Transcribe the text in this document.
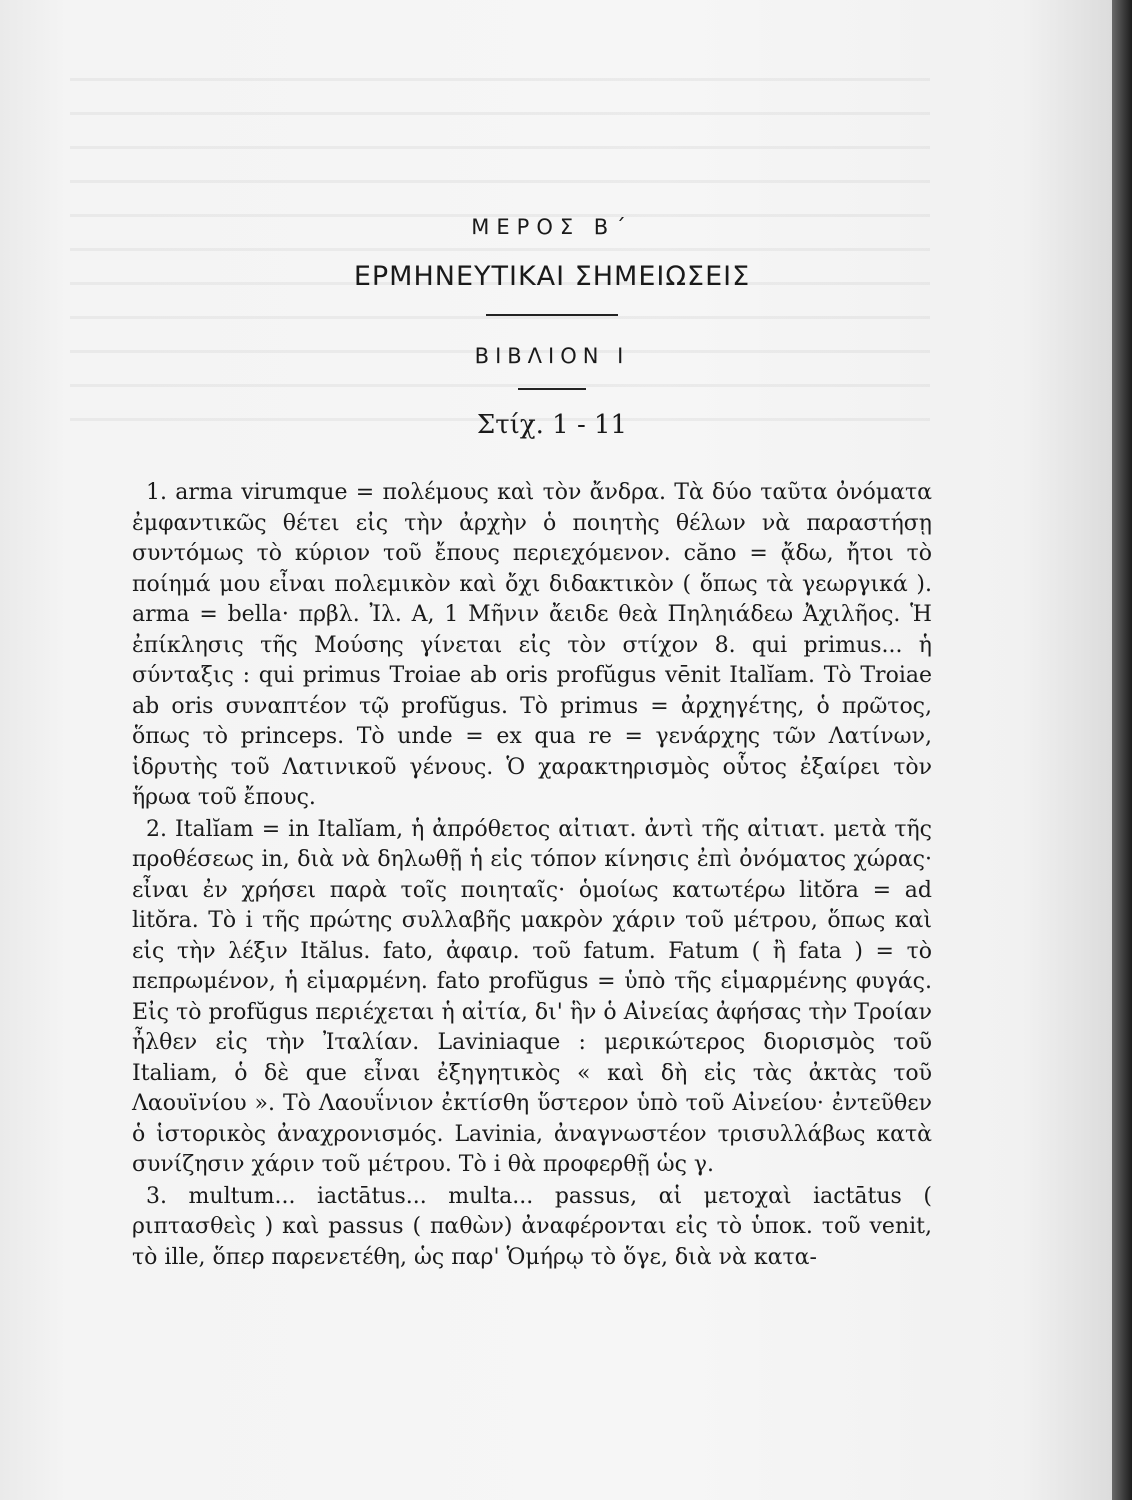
ΜΕΡΟΣ Β΄

ΕΡΜΗΝΕΥΤΙΚΑΙ ΣΗΜΕΙΩΣΕΙΣ

ΒΙΒΛΙΟΝ Ι

Στίχ. 1 - 11

1. arma virumque = πολέμους καὶ τὸν ἄνδρα. Τὰ δύο ταῦτα ὀνόματα ἐμφαντικῶς θέτει εἰς τὴν ἀρχὴν ὁ ποιητὴς θέλων νὰ παραστήσῃ συντόμως τὸ κύριον τοῦ ἔπους περιεχόμενον. căno = ᾄδω, ἤτοι τὸ ποίημά μου εἶναι πολεμικὸν καὶ ὄχι διδακτικὸν ( ὅπως τὰ γεωργικά ). arma = bella· πρβλ. Ἰλ. Α, 1 Μῆνιν ἄειδε θεὰ Πηληιάδεω Ἀχιλῆος. Ἡ ἐπίκλησις τῆς Μούσης γίνεται εἰς τὸν στίχον 8. qui primus... ἡ σύνταξις : qui primus Troiae ab oris profŭgus vēnit Italĭam. Τὸ Troiae ab oris συναπτέον τῷ profŭgus. Τὸ primus = ἀρχηγέτης, ὁ πρῶτος, ὅπως τὸ princeps. Τὸ unde = ex qua re = γενάρχης τῶν Λατίνων, ἱδρυτὴς τοῦ Λατινικοῦ γένους. Ὁ χαρακτηρισμὸς οὗτος ἐξαίρει τὸν ἥρωα τοῦ ἔπους.

2. Italĭam = in Italĭam, ἡ ἀπρόθετος αἰτιατ. ἀντὶ τῆς αἰτιατ. μετὰ τῆς προθέσεως in, διὰ νὰ δηλωθῇ ἡ εἰς τόπον κίνησις ἐπὶ ὀνόματος χώρας· εἶναι ἐν χρήσει παρὰ τοῖς ποιηταῖς· ὁμοίως κατωτέρω litŏra = ad litŏra. Τὸ i τῆς πρώτης συλλαβῆς μακρὸν χάριν τοῦ μέτρου, ὅπως καὶ εἰς τὴν λέξιν Itălus. fato, ἀφαιρ. τοῦ fatum. Fatum ( ἢ fata ) = τὸ πεπρωμένον, ἡ εἱμαρμένη. fato profŭgus = ὑπὸ τῆς εἱμαρμένης φυγάς. Εἰς τὸ profŭgus περιέχεται ἡ αἰτία, δι' ἣν ὁ Αἰνείας ἀφήσας τὴν Τροίαν ἦλθεν εἰς τὴν Ἰταλίαν. Laviniaque : μερικώτερος διορισμὸς τοῦ Italiam, ὁ δὲ que εἶναι ἐξηγητικὸς « καὶ δὴ εἰς τὰς ἀκτὰς τοῦ Λαουϊνίου ». Τὸ Λαουΐνιον ἐκτίσθη ὕστερον ὑπὸ τοῦ Αἰνείου· ἐντεῦθεν ὁ ἱστορικὸς ἀναχρονισμός. Lavinia, ἀναγνωστέον τρισυλλάβως κατὰ συνίζησιν χάριν τοῦ μέτρου. Τὸ i θὰ προφερθῇ ὡς γ.

3. multum... iactātus... multa... passus, αἱ μετοχαὶ iactātus ( ριπτασθεὶς ) καὶ passus ( παθὼν) ἀναφέρονται εἰς τὸ ὑποκ. τοῦ venit, τὸ ille, ὅπερ παρενετέθη, ὡς παρ' Ὁμήρῳ τὸ ὅγε, διὰ νὰ κατα-
